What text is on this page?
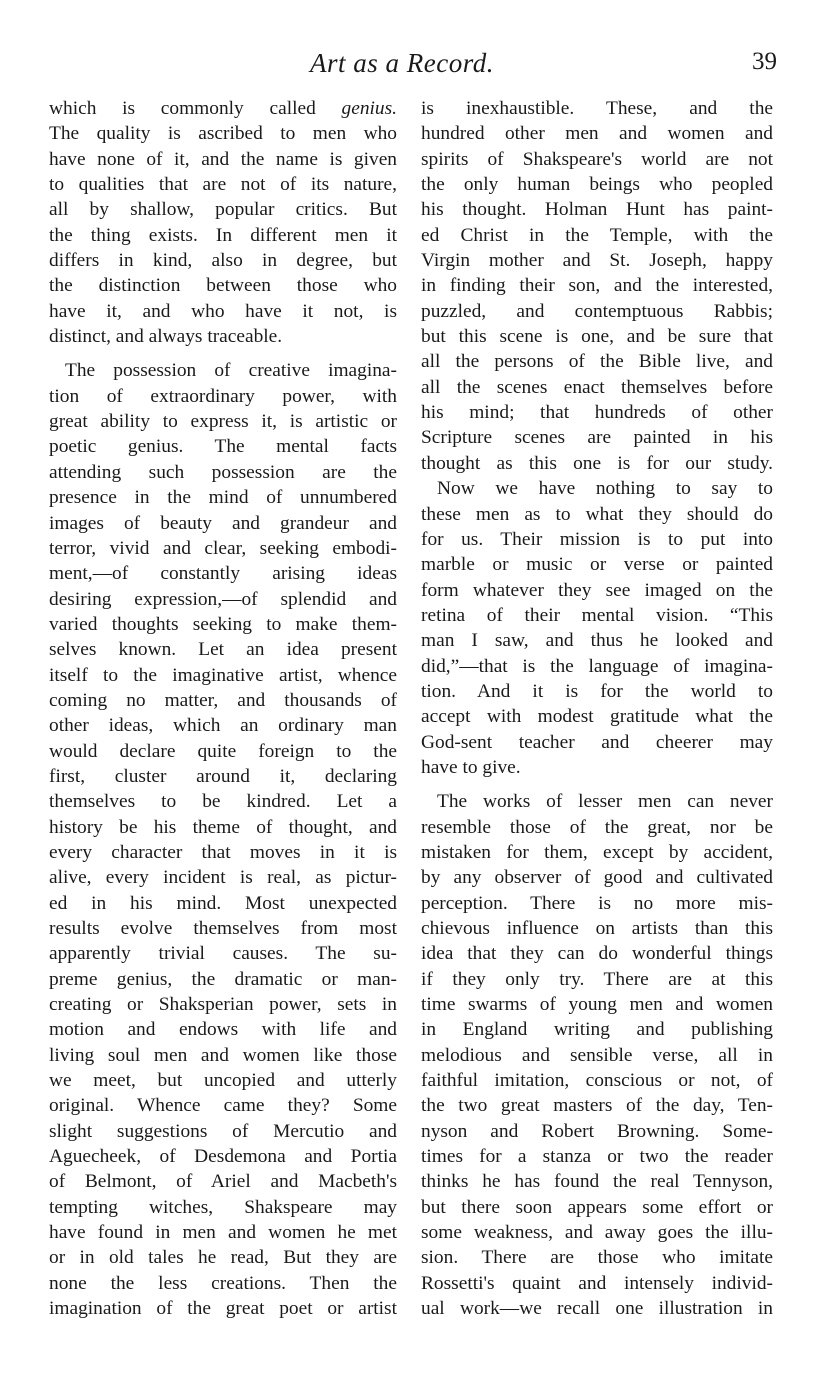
Art as a Record.	39
which is commonly called genius.
The quality is ascribed to men who
have none of it, and the name is given
to qualities that are not of its nature,
all by shallow, popular critics. But
the thing exists. In different men it
differs in kind, also in degree, but
the distinction between those who
have it, and who have it not, is
distinct, and always traceable.
The possession of creative imagina-
tion of extraordinary power, with
great ability to express it, is artistic or
poetic genius. The mental facts
attending such possession are the
presence in the mind of unnumbered
images of beauty and grandeur and
terror, vivid and clear, seeking embodi-
ment,—of constantly arising ideas
desiring expression,—of splendid and
varied thoughts seeking to make them-
selves known. Let an idea present
itself to the imaginative artist, whence
coming no matter, and thousands of
other ideas, which an ordinary man
would declare quite foreign to the
first, cluster around it, declaring
themselves to be kindred. Let a
history be his theme of thought, and
every character that moves in it is
alive, every incident is real, as pictur-
ed in his mind. Most unexpected
results evolve themselves from most
apparently trivial causes. The su-
preme genius, the dramatic or man-
creating or Shaksperian power, sets in
motion and endows with life and
living soul men and women like those
we meet, but uncopied and utterly
original. Whence came they? Some
slight suggestions of Mercutio and
Aguecheek, of Desdemona and Portia
of Belmont, of Ariel and Macbeth's
tempting witches, Shakspeare may
have found in men and women he met
or in old tales he read, But they are
none the less creations. Then the
imagination of the great poet or artist
is inexhaustible. These, and the
hundred other men and women and
spirits of Shakspeare's world are not
the only human beings who peopled
his thought. Holman Hunt has paint-
ed Christ in the Temple, with the
Virgin mother and St. Joseph, happy
in finding their son, and the interested,
puzzled, and contemptuous Rabbis;
but this scene is one, and be sure that
all the persons of the Bible live, and
all the scenes enact themselves before
his mind; that hundreds of other
Scripture scenes are painted in his
thought as this one is for our study.
Now we have nothing to say to
these men as to what they should do
for us. Their mission is to put into
marble or music or verse or painted
form whatever they see imaged on the
retina of their mental vision. “This
man I saw, and thus he looked and
did,”—that is the language of imagina-
tion. And it is for the world to
accept with modest gratitude what the
God-sent teacher and cheerer may
have to give.
The works of lesser men can never
resemble those of the great, nor be
mistaken for them, except by accident,
by any observer of good and cultivated
perception. There is no more mis-
chievous influence on artists than this
idea that they can do wonderful things
if they only try. There are at this
time swarms of young men and women
in England writing and publishing
melodious and sensible verse, all in
faithful imitation, conscious or not, of
the two great masters of the day, Ten-
nyson and Robert Browning. Some-
times for a stanza or two the reader
thinks he has found the real Tennyson,
but there soon appears some effort or
some weakness, and away goes the illu-
sion. There are those who imitate
Rossetti's quaint and intensely individ-
ual work—we recall one illustration in
